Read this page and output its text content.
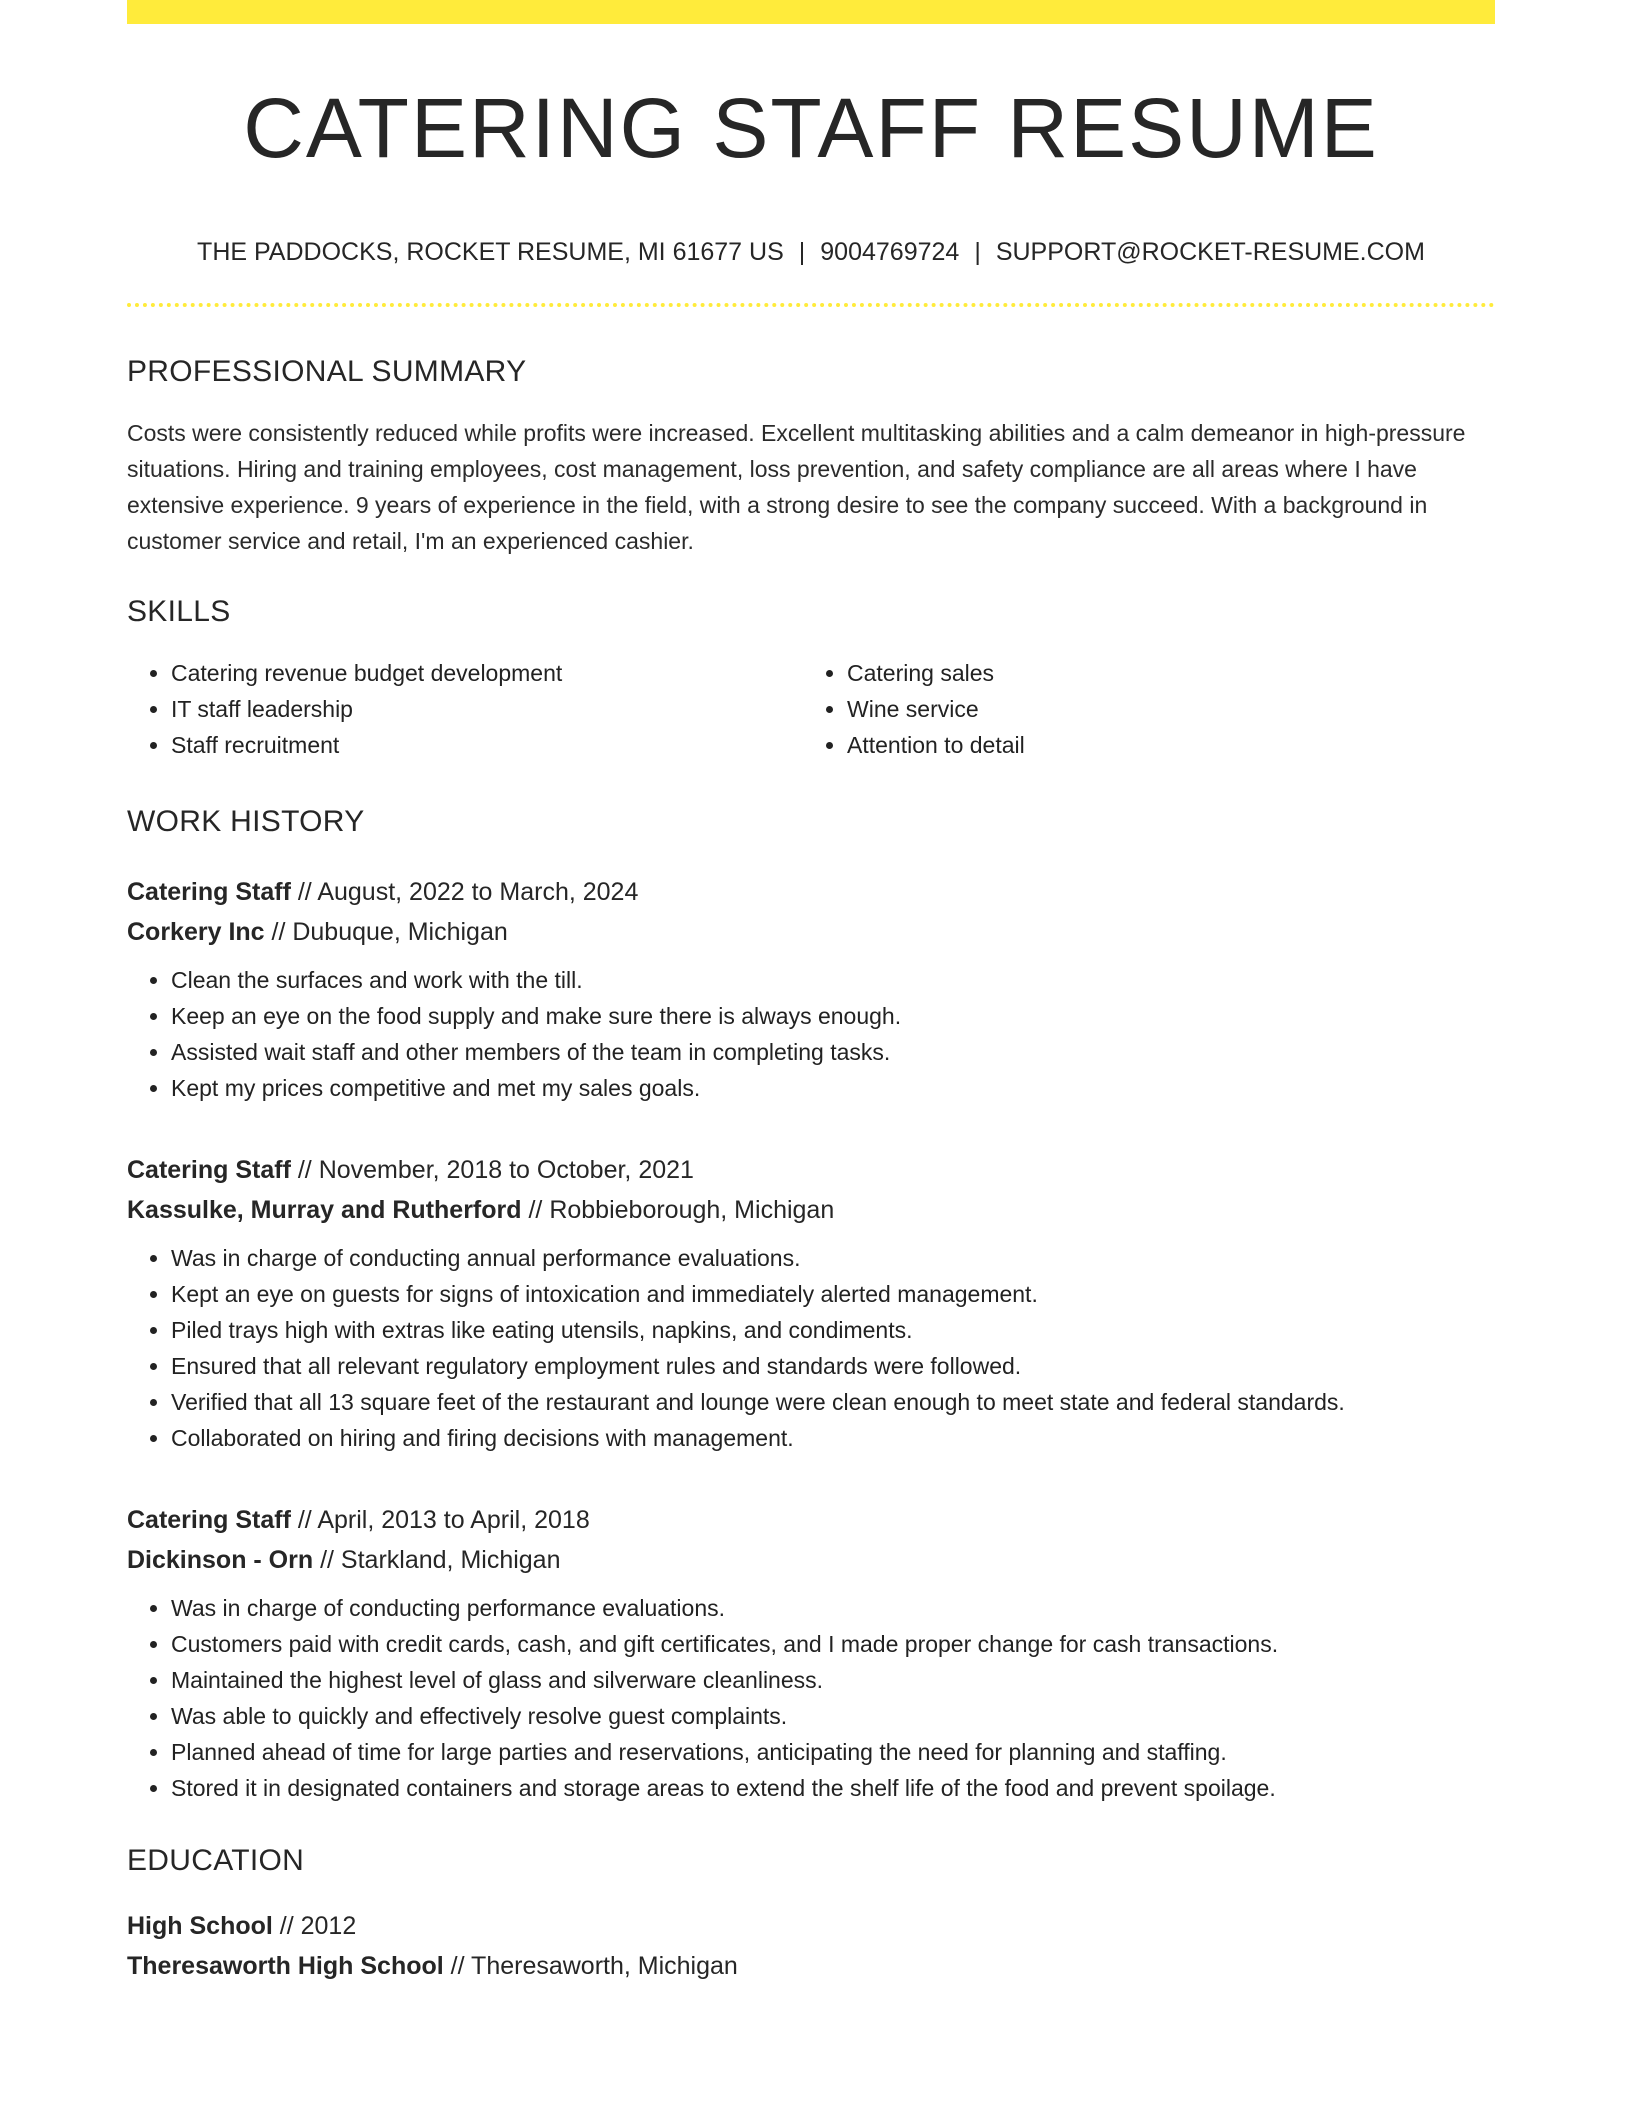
CATERING STAFF RESUME
THE PADDOCKS, ROCKET RESUME, MI 61677 US | 9004769724 | SUPPORT@ROCKET-RESUME.COM
PROFESSIONAL SUMMARY

Costs were consistently reduced while profits were increased. Excellent multitasking abilities and a calm demeanor in high-pressure situations. Hiring and training employees, cost management, loss prevention, and safety compliance are all areas where I have extensive experience. 9 years of experience in the field, with a strong desire to see the company succeed. With a background in customer service and retail, I'm an experienced cashier.

SKILLS
• Catering revenue budget development
• IT staff leadership
• Staff recruitment
• Catering sales
• Wine service
• Attention to detail
WORK HISTORY
Catering Staff // August, 2022 to March, 2024
Corkery Inc // Dubuque, Michigan
• Clean the surfaces and work with the till.
• Keep an eye on the food supply and make sure there is always enough.
• Assisted wait staff and other members of the team in completing tasks.
• Kept my prices competitive and met my sales goals.
Catering Staff // November, 2018 to October, 2021
Kassulke, Murray and Rutherford // Robbieborough, Michigan
• Was in charge of conducting annual performance evaluations.
• Kept an eye on guests for signs of intoxication and immediately alerted management.
• Piled trays high with extras like eating utensils, napkins, and condiments.
• Ensured that all relevant regulatory employment rules and standards were followed.
• Verified that all 13 square feet of the restaurant and lounge were clean enough to meet state and federal standards.
• Collaborated on hiring and firing decisions with management.
Catering Staff // April, 2013 to April, 2018
Dickinson - Orn // Starkland, Michigan
• Was in charge of conducting performance evaluations.
• Customers paid with credit cards, cash, and gift certificates, and I made proper change for cash transactions.
• Maintained the highest level of glass and silverware cleanliness.
• Was able to quickly and effectively resolve guest complaints.
• Planned ahead of time for large parties and reservations, anticipating the need for planning and staffing.
• Stored it in designated containers and storage areas to extend the shelf life of the food and prevent spoilage.
EDUCATION
High School // 2012
Theresaworth High School // Theresaworth, Michigan
